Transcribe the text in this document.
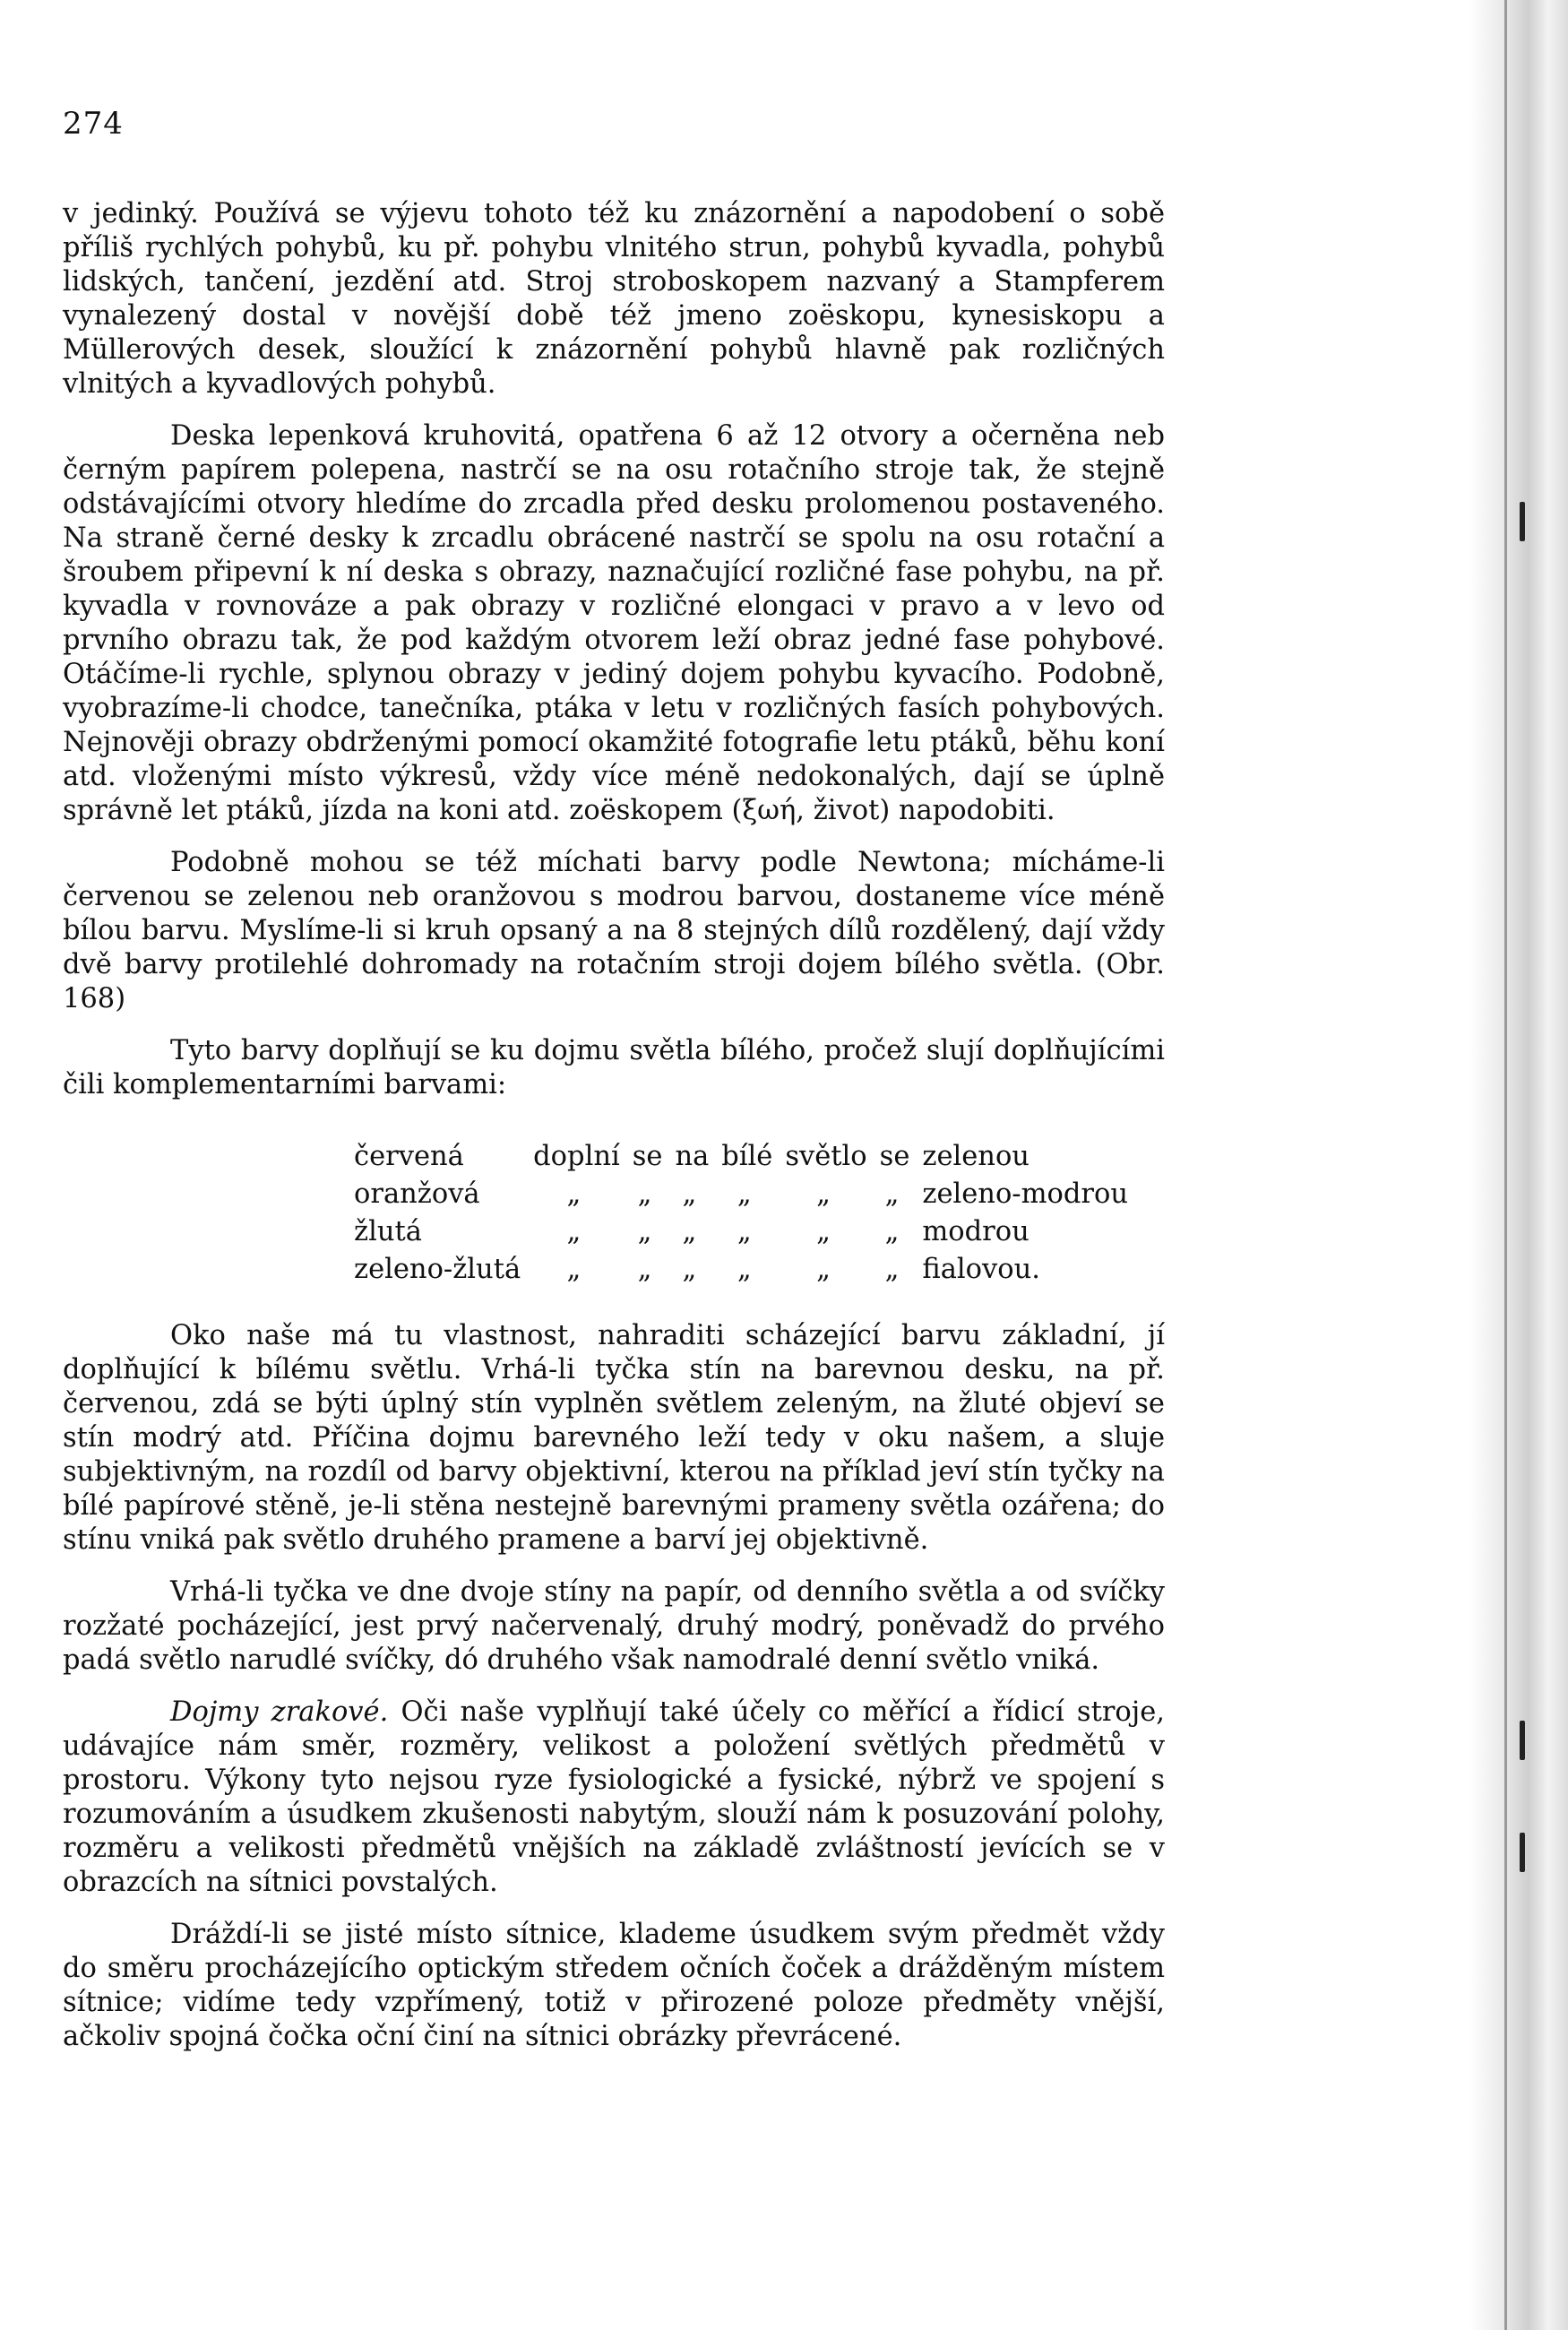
274

v jedinký. Používá se výjevu tohoto též ku znázornění a napodobení o sobě příliš rychlých pohybů, ku př. pohybu vlnitého strun, pohybů kyvadla, pohybů lidských, tančení, jezdění atd. Stroj stroboskopem nazvaný a Stampferem vynalezený dostal v novější době též jmeno zoëskopu, kynesiskopu a Müllerových desek, sloužící k znázornění pohybů hlavně pak rozličných vlnitých a kyvadlových pohybů.

Deska lepenková kruhovitá, opatřena 6 až 12 otvory a očerněna neb černým papírem polepena, nastrčí se na osu rotačního stroje tak, že stejně odstávajícími otvory hledíme do zrcadla před desku prolomenou postaveného. Na straně černé desky k zrcadlu obrácené nastrčí se spolu na osu rotační a šroubem připevní k ní deska s obrazy, naznačující rozličné fase pohybu, na př. kyvadla v rovnováze a pak obrazy v rozličné elongaci v pravo a v levo od prvního obrazu tak, že pod každým otvorem leží obraz jedné fase pohybové. Otáčíme-li rychle, splynou obrazy v jediný dojem pohybu kyvacího. Podobně, vyobrazíme-li chodce, tanečníka, ptáka v letu v rozličných fasích pohybových. Nejnověji obrazy obdrženými pomocí okamžité fotografie letu ptáků, běhu koní atd. vloženými místo výkresů, vždy více méně nedokonalých, dají se úplně správně let ptáků, jízda na koni atd. zoëskopem (ξωή, život) napodobiti.

Podobně mohou se též míchati barvy podle Newtona; mícháme-li červenou se zelenou neb oranžovou s modrou barvou, dostaneme více méně bílou barvu. Myslíme-li si kruh opsaný a na 8 stejných dílů rozdělený, dají vždy dvě barvy protilehlé dohromady na rotačním stroji dojem bílého světla. (Obr. 168)

Tyto barvy doplňují se ku dojmu světla bílého, pročež slují doplňujícími čili komplementarními barvami:

červená	doplní	se	na	bílé	světlo	se	zelenou
oranžová	„	„	„	„	„	„	zeleno-modrou
žlutá	„	„	„	„	„	„	modrou
zeleno-žlutá	„	„	„	„	„	„	fialovou.

Oko naše má tu vlastnost, nahraditi scházející barvu základní, jí doplňující k bílému světlu. Vrhá-li tyčka stín na barevnou desku, na př. červenou, zdá se býti úplný stín vyplněn světlem zeleným, na žluté objeví se stín modrý atd. Příčina dojmu barevného leží tedy v oku našem, a sluje subjektivným, na rozdíl od barvy objektivní, kterou na příklad jeví stín tyčky na bílé papírové stěně, je-li stěna nestejně barevnými prameny světla ozářena; do stínu vniká pak světlo druhého pramene a barví jej objektivně.

Vrhá-li tyčka ve dne dvoje stíny na papír, od denního světla a od svíčky rozžaté pocházející, jest prvý načervenalý, druhý modrý, poněvadž do prvého padá světlo narudlé svíčky, dó druhého však namodralé denní světlo vniká.

Dojmy zrakové. Oči naše vyplňují také účely co měřící a řídicí stroje, udávajíce nám směr, rozměry, velikost a položení světlých předmětů v prostoru. Výkony tyto nejsou ryze fysiologické a fysické, nýbrž ve spojení s rozumováním a úsudkem zkušenosti nabytým, slouží nám k posuzování polohy, rozměru a velikosti předmětů vnějších na základě zvláštností jevících se v obrazcích na sítnici povstalých.

Dráždí-li se jisté místo sítnice, klademe úsudkem svým předmět vždy do směru procházejícího optickým středem očních čoček a drážděným místem sítnice; vidíme tedy vzpřímený, totiž v přirozené poloze předměty vnější, ačkoliv spojná čočka oční činí na sítnici obrázky převrácené.
